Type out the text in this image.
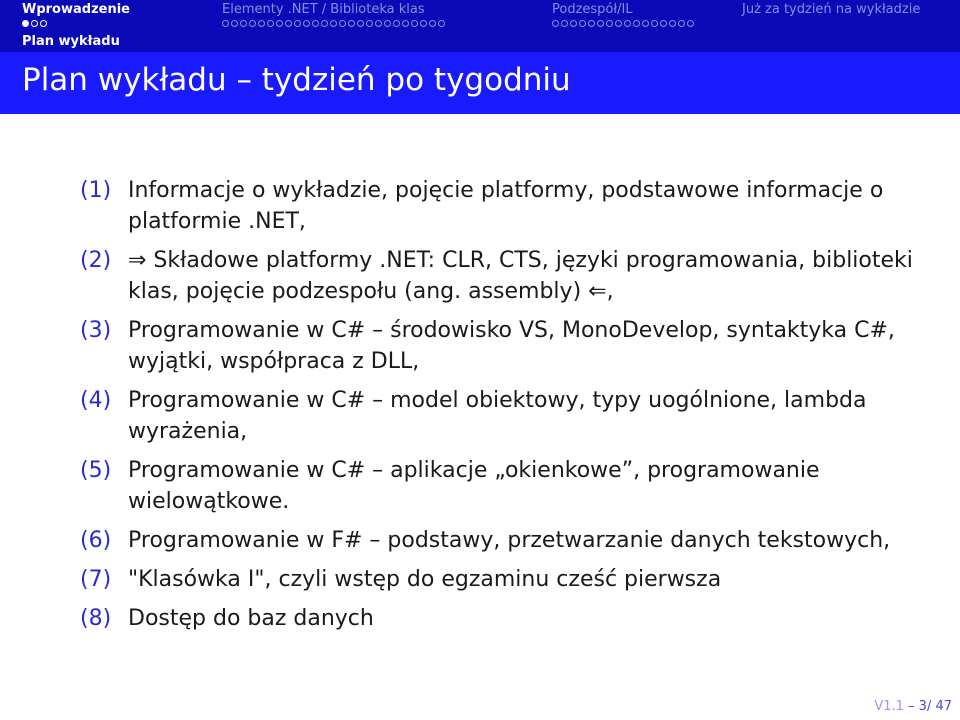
Wprowadzenie	Elementy .NET / Biblioteka klas	Podzespół/IL	Już za tydzień na wykładzie
Plan wykładu
Plan wykładu – tydzień po tygodniu
(1) Informacje o wykładzie, pojęcie platformy, podstawowe informacje o platformie .NET,
(2) ⇒ Składowe platformy .NET: CLR, CTS, języki programowania, biblioteki klas, pojęcie podzespołu (ang. assembly) ⇐,
(3) Programowanie w C# – środowisko VS, MonoDevelop, syntaktyka C#, wyjątki, współpraca z DLL,
(4) Programowanie w C# – model obiektowy, typy uogólnione, lambda wyrażenia,
(5) Programowanie w C# – aplikacje „okienkowe”, programowanie wielowątkowe.
(6) Programowanie w F# – podstawy, przetwarzanie danych tekstowych,
(7) "Klasówka I", czyli wstęp do egzaminu cześć pierwsza
(8) Dostęp do baz danych
V1.1 – 3/ 47
